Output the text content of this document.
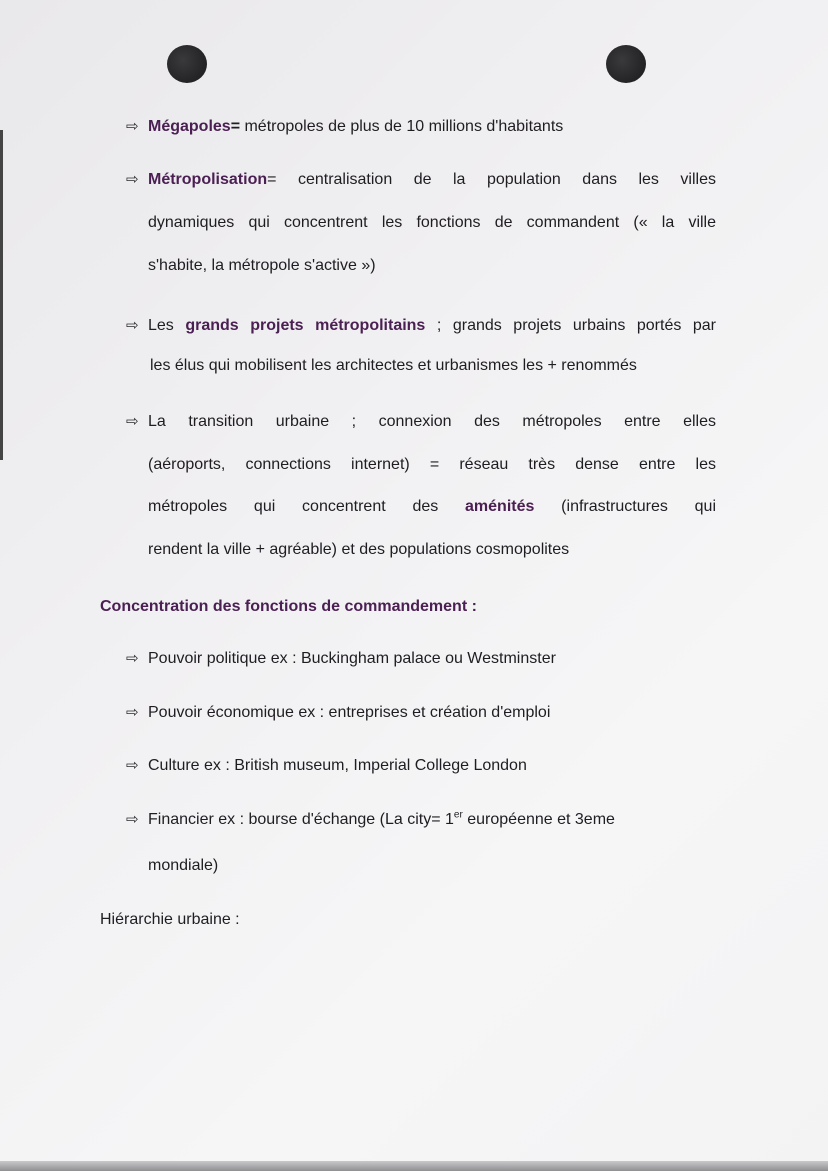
⇨ Mégapoles= métropoles de plus de 10 millions d'habitants
⇨ Métropolisation= centralisation de la population dans les villes
dynamiques qui concentrent les fonctions de commandent (« la ville
s'habite, la métropole s'active »)
⇨ Les grands projets métropolitains ; grands projets urbains portés par
les élus qui mobilisent les architectes et urbanismes les + renommés
⇨ La transition urbaine ; connexion des métropoles entre elles
(aéroports, connections internet) = réseau très dense entre les
métropoles qui concentrent des aménités (infrastructures qui
rendent la ville + agréable) et des populations cosmopolites
Concentration des fonctions de commandement :
⇨ Pouvoir politique ex : Buckingham palace ou Westminster
⇨ Pouvoir économique ex : entreprises et création d'emploi
⇨ Culture ex : British museum, Imperial College London
⇨ Financier ex : bourse d'échange (La city= 1er européenne et 3eme
mondiale)
Hiérarchie urbaine :
